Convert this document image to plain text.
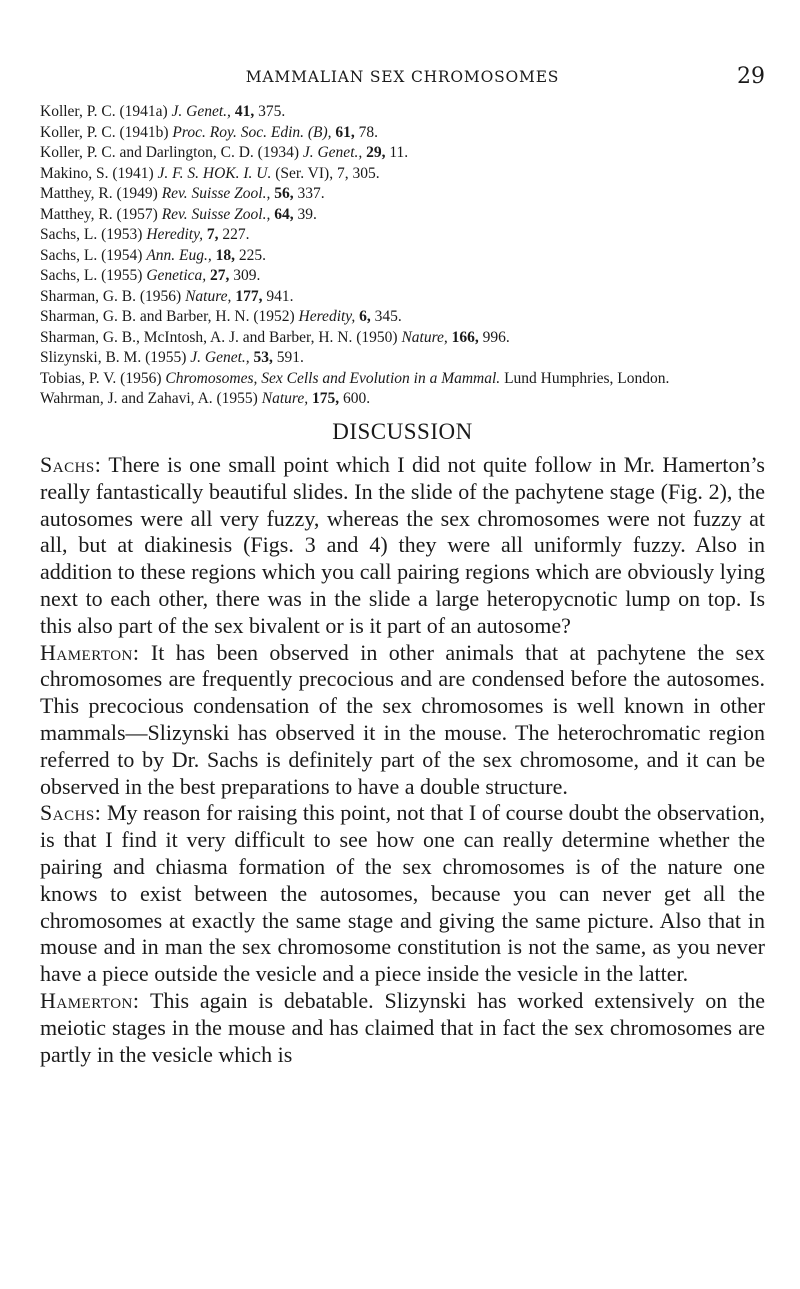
MAMMALIAN SEX CHROMOSOMES	29

Koller, P. C. (1941a) J. Genet., 41, 375.

Koller, P. C. (1941b) Proc. Roy. Soc. Edin. (B), 61, 78.

Koller, P. C. and Darlington, C. D. (1934) J. Genet., 29, 11.

Makino, S. (1941) J. F. S. HOK. I. U. (Ser. VI), 7, 305.

Matthey, R. (1949) Rev. Suisse Zool., 56, 337.

Matthey, R. (1957) Rev. Suisse Zool., 64, 39.

Sachs, L. (1953) Heredity, 7, 227.

Sachs, L. (1954) Ann. Eug., 18, 225.

Sachs, L. (1955) Genetica, 27, 309.

Sharman, G. B. (1956) Nature, 177, 941.

Sharman, G. B. and Barber, H. N. (1952) Heredity, 6, 345.

Sharman, G. B., McIntosh, A. J. and Barber, H. N. (1950) Nature, 166, 996.

Slizynski, B. M. (1955) J. Genet., 53, 591.

Tobias, P. V. (1956) Chromosomes, Sex Cells and Evolution in a Mammal. Lund Humphries, London.

Wahrman, J. and Zahavi, A. (1955) Nature, 175, 600.

DISCUSSION

Sachs: There is one small point which I did not quite follow in Mr. Hamerton’s really fantastically beautiful slides. In the slide of the pachytene stage (Fig. 2), the autosomes were all very fuzzy, whereas the sex chromosomes were not fuzzy at all, but at diakinesis (Figs. 3 and 4) they were all uniformly fuzzy. Also in addition to these regions which you call pairing regions which are obviously lying next to each other, there was in the slide a large heteropycnotic lump on top. Is this also part of the sex bivalent or is it part of an autosome?

Hamerton: It has been observed in other animals that at pachytene the sex chromosomes are frequently precocious and are condensed before the autosomes. This precocious condensation of the sex chromosomes is well known in other mammals—Slizynski has observed it in the mouse. The heterochromatic region referred to by Dr. Sachs is definitely part of the sex chromosome, and it can be observed in the best preparations to have a double structure.

Sachs: My reason for raising this point, not that I of course doubt the observation, is that I find it very difficult to see how one can really determine whether the pairing and chiasma formation of the sex chromosomes is of the nature one knows to exist between the autosomes, because you can never get all the chromosomes at exactly the same stage and giving the same picture. Also that in mouse and in man the sex chromosome constitution is not the same, as you never have a piece outside the vesicle and a piece inside the vesicle in the latter.

Hamerton: This again is debatable. Slizynski has worked extensively on the meiotic stages in the mouse and has claimed that in fact the sex chromosomes are partly in the vesicle which is
